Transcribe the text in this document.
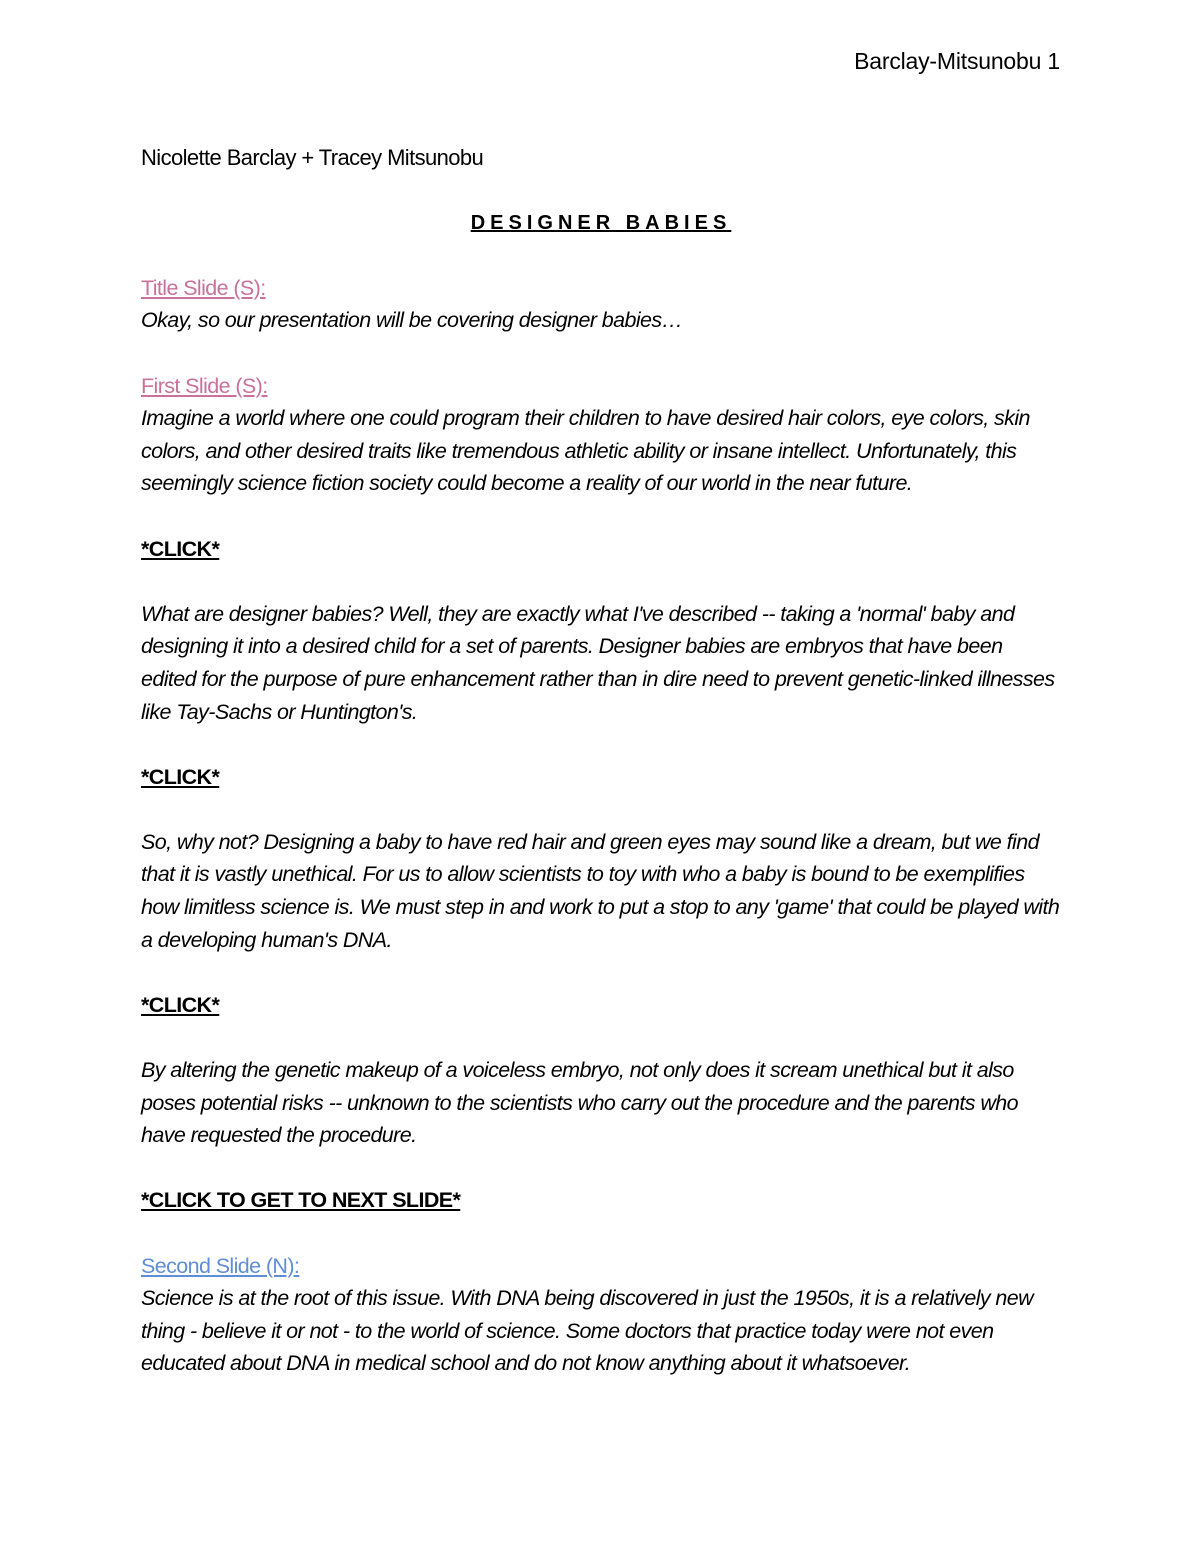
Barclay-Mitsunobu 1

Nicolette Barclay + Tracey Mitsunobu

DESIGNER BABIES

Title Slide (S):

Okay, so our presentation will be covering designer babies…

First Slide (S):

Imagine a world where one could program their children to have desired hair colors, eye colors, skin colors, and other desired traits like tremendous athletic ability or insane intellect. Unfortunately, this seemingly science fiction society could become a reality of our world in the near future.

*CLICK*

What are designer babies? Well, they are exactly what I've described -- taking a 'normal' baby and designing it into a desired child for a set of parents. Designer babies are embryos that have been edited for the purpose of pure enhancement rather than in dire need to prevent genetic-linked illnesses like Tay-Sachs or Huntington's.

*CLICK*

So, why not? Designing a baby to have red hair and green eyes may sound like a dream, but we find that it is vastly unethical. For us to allow scientists to toy with who a baby is bound to be exemplifies how limitless science is. We must step in and work to put a stop to any 'game' that could be played with a developing human's DNA.

*CLICK*

By altering the genetic makeup of a voiceless embryo, not only does it scream unethical but it also poses potential risks -- unknown to the scientists who carry out the procedure and the parents who have requested the procedure.

*CLICK TO GET TO NEXT SLIDE*

Second Slide (N):

Science is at the root of this issue. With DNA being discovered in just the 1950s, it is a relatively new thing - believe it or not - to the world of science. Some doctors that practice today were not even educated about DNA in medical school and do not know anything about it whatsoever.
